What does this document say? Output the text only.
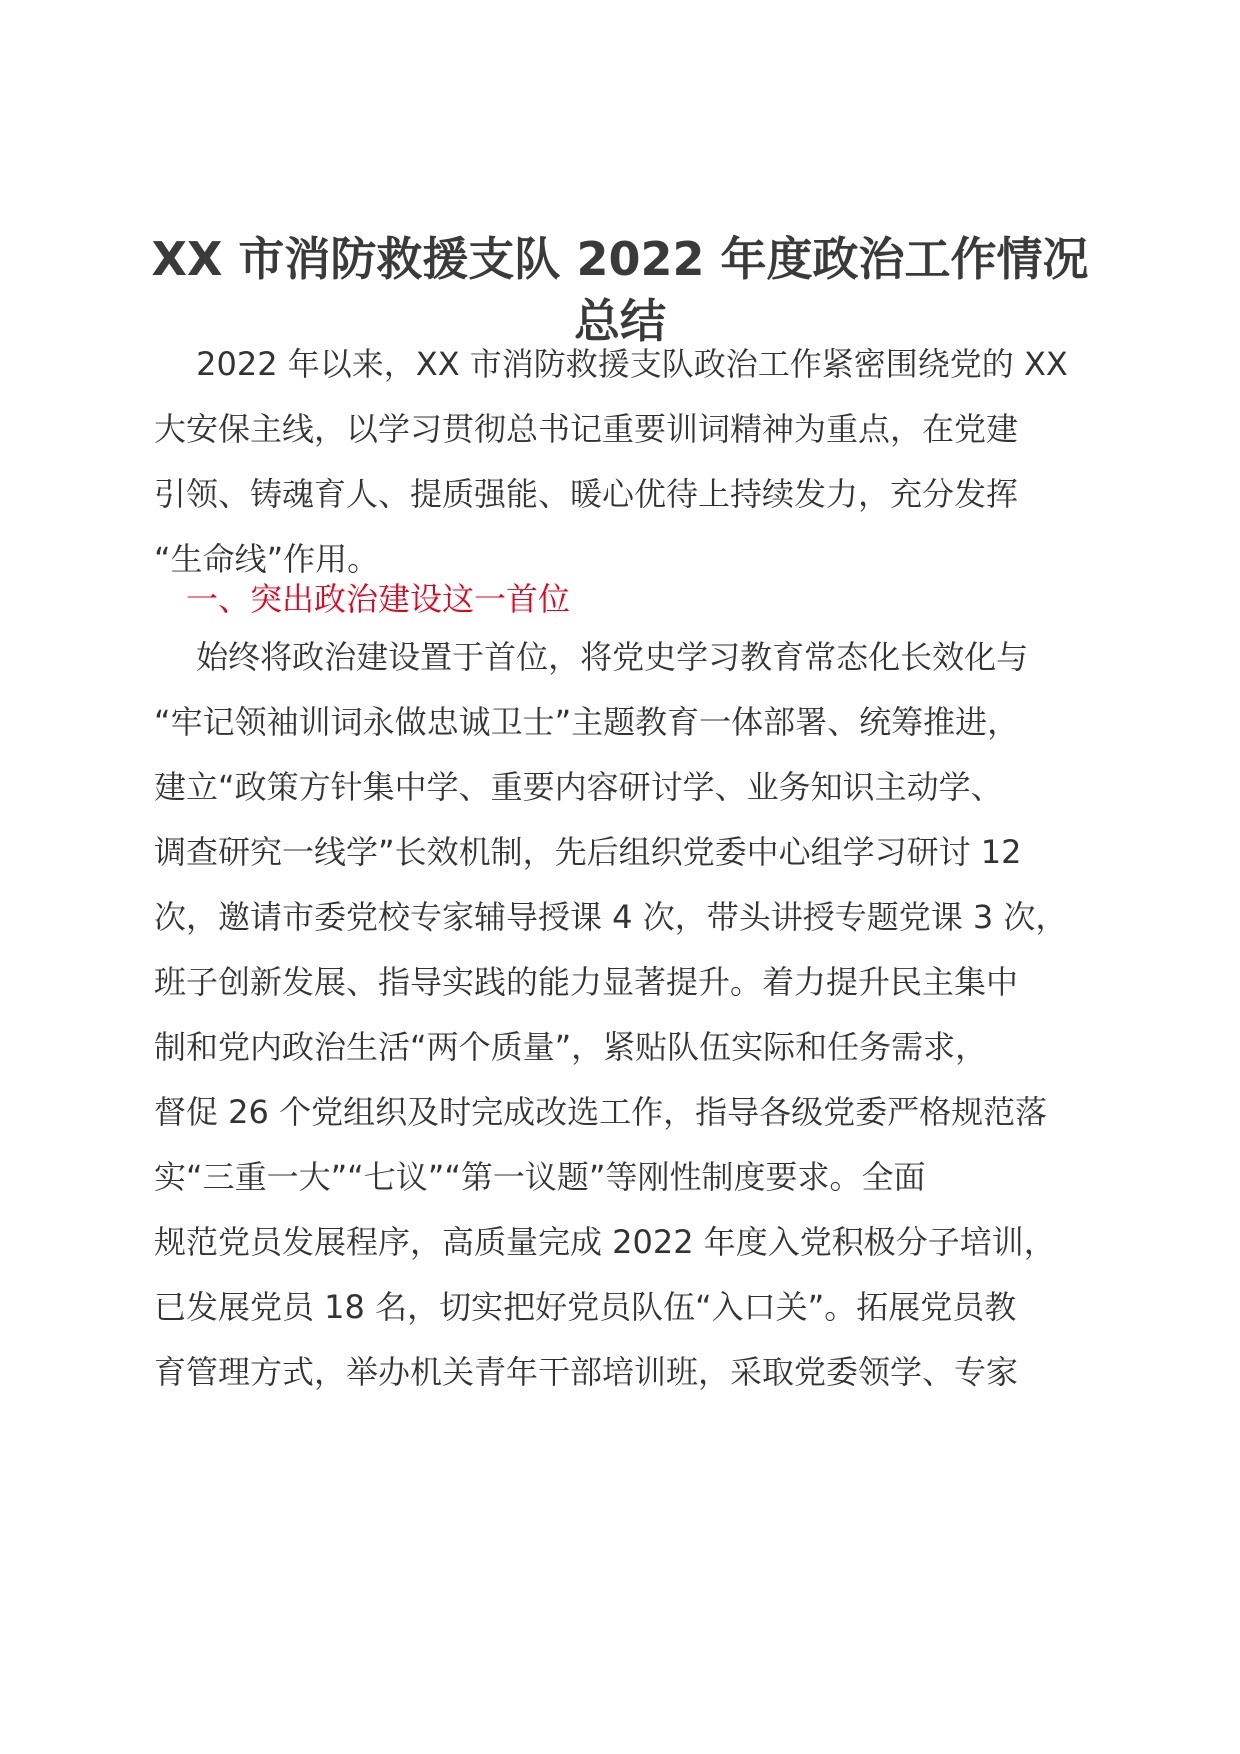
XX 市消防救援支队 2022 年度政治工作情况
总结
　 2022 年以来，XX 市消防救援支队政治工作紧密围绕党的 XX
大安保主线，以学习贯彻总书记重要训词精神为重点，在党建
引领、铸魂育人、提质强能、暖心优待上持续发力，充分发挥
“生命线”作用。
　一、突出政治建设这一首位
　 始终将政治建设置于首位，将党史学习教育常态化长效化与
“牢记领袖训词永做忠诚卫士”主题教育一体部署、统筹推进，
建立“政策方针集中学、重要内容研讨学、业务知识主动学、
调查研究一线学”长效机制，先后组织党委中心组学习研讨 12
次，邀请市委党校专家辅导授课 4 次，带头讲授专题党课 3 次，
班子创新发展、指导实践的能力显著提升。着力提升民主集中
制和党内政治生活“两个质量”，紧贴队伍实际和任务需求，
督促 26 个党组织及时完成改选工作，指导各级党委严格规范落
实“三重一大”“七议”“第一议题”等刚性制度要求。全面
规范党员发展程序，高质量完成 2022 年度入党积极分子培训，
已发展党员 18 名，切实把好党员队伍“入口关”。拓展党员教
育管理方式，举办机关青年干部培训班，采取党委领学、专家
